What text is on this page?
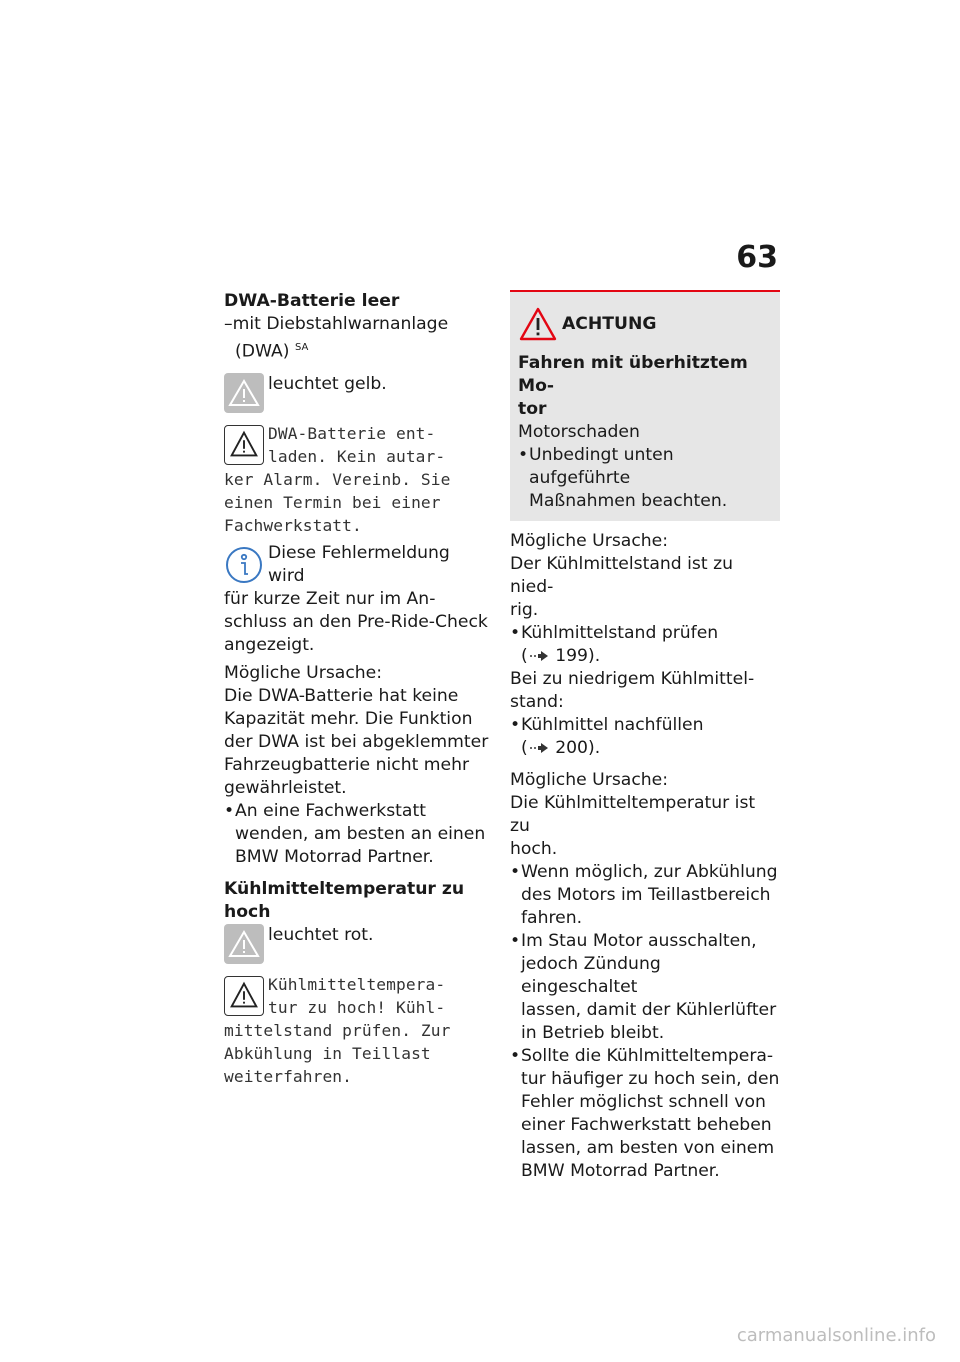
63
DWA-Batterie leer
–mit Diebstahlwarnanlage
(DWA) $^{SA}$
leuchtet gelb.
DWA-Batterie ent-
laden. Kein autar-
ker Alarm. Vereinb. Sie
einen Termin bei einer
Fachwerkstatt.
Diese Fehlermeldung wird
für kurze Zeit nur im An-
schluss an den Pre-Ride-Check
angezeigt.
Mögliche Ursache:
Die DWA-Batterie hat keine
Kapazität mehr. Die Funktion
der DWA ist bei abgeklemmter
Fahrzeugbatterie nicht mehr
gewährleistet.
• An eine Fachwerkstatt
wenden, am besten an einen
BMW Motorrad Partner.
Kühlmitteltemperatur zu hoch
leuchtet rot.
Kühlmitteltempera-
tur zu hoch! Kühl-
mittelstand prüfen. Zur
Abkühlung in Teillast
weiterfahren.
ACHTUNG
Fahren mit überhitztem Mo-
tor
Motorschaden
• Unbedingt unten aufgeführte
Maßnahmen beachten.
Mögliche Ursache:
Der Kühlmittelstand ist zu nied-
rig.
• Kühlmittelstand prüfen
( 199).
Bei zu niedrigem Kühlmittel-
stand:
• Kühlmittel nachfüllen
( 200).
Mögliche Ursache:
Die Kühlmitteltemperatur ist zu
hoch.
• Wenn möglich, zur Abkühlung
des Motors im Teillastbereich
fahren.
• Im Stau Motor ausschalten,
jedoch Zündung eingeschaltet
lassen, damit der Kühlerlüfter
in Betrieb bleibt.
• Sollte die Kühlmitteltempera-
tur häufiger zu hoch sein, den
Fehler möglichst schnell von
einer Fachwerkstatt beheben
lassen, am besten von einem
BMW Motorrad Partner.
carmanualsonline.info
